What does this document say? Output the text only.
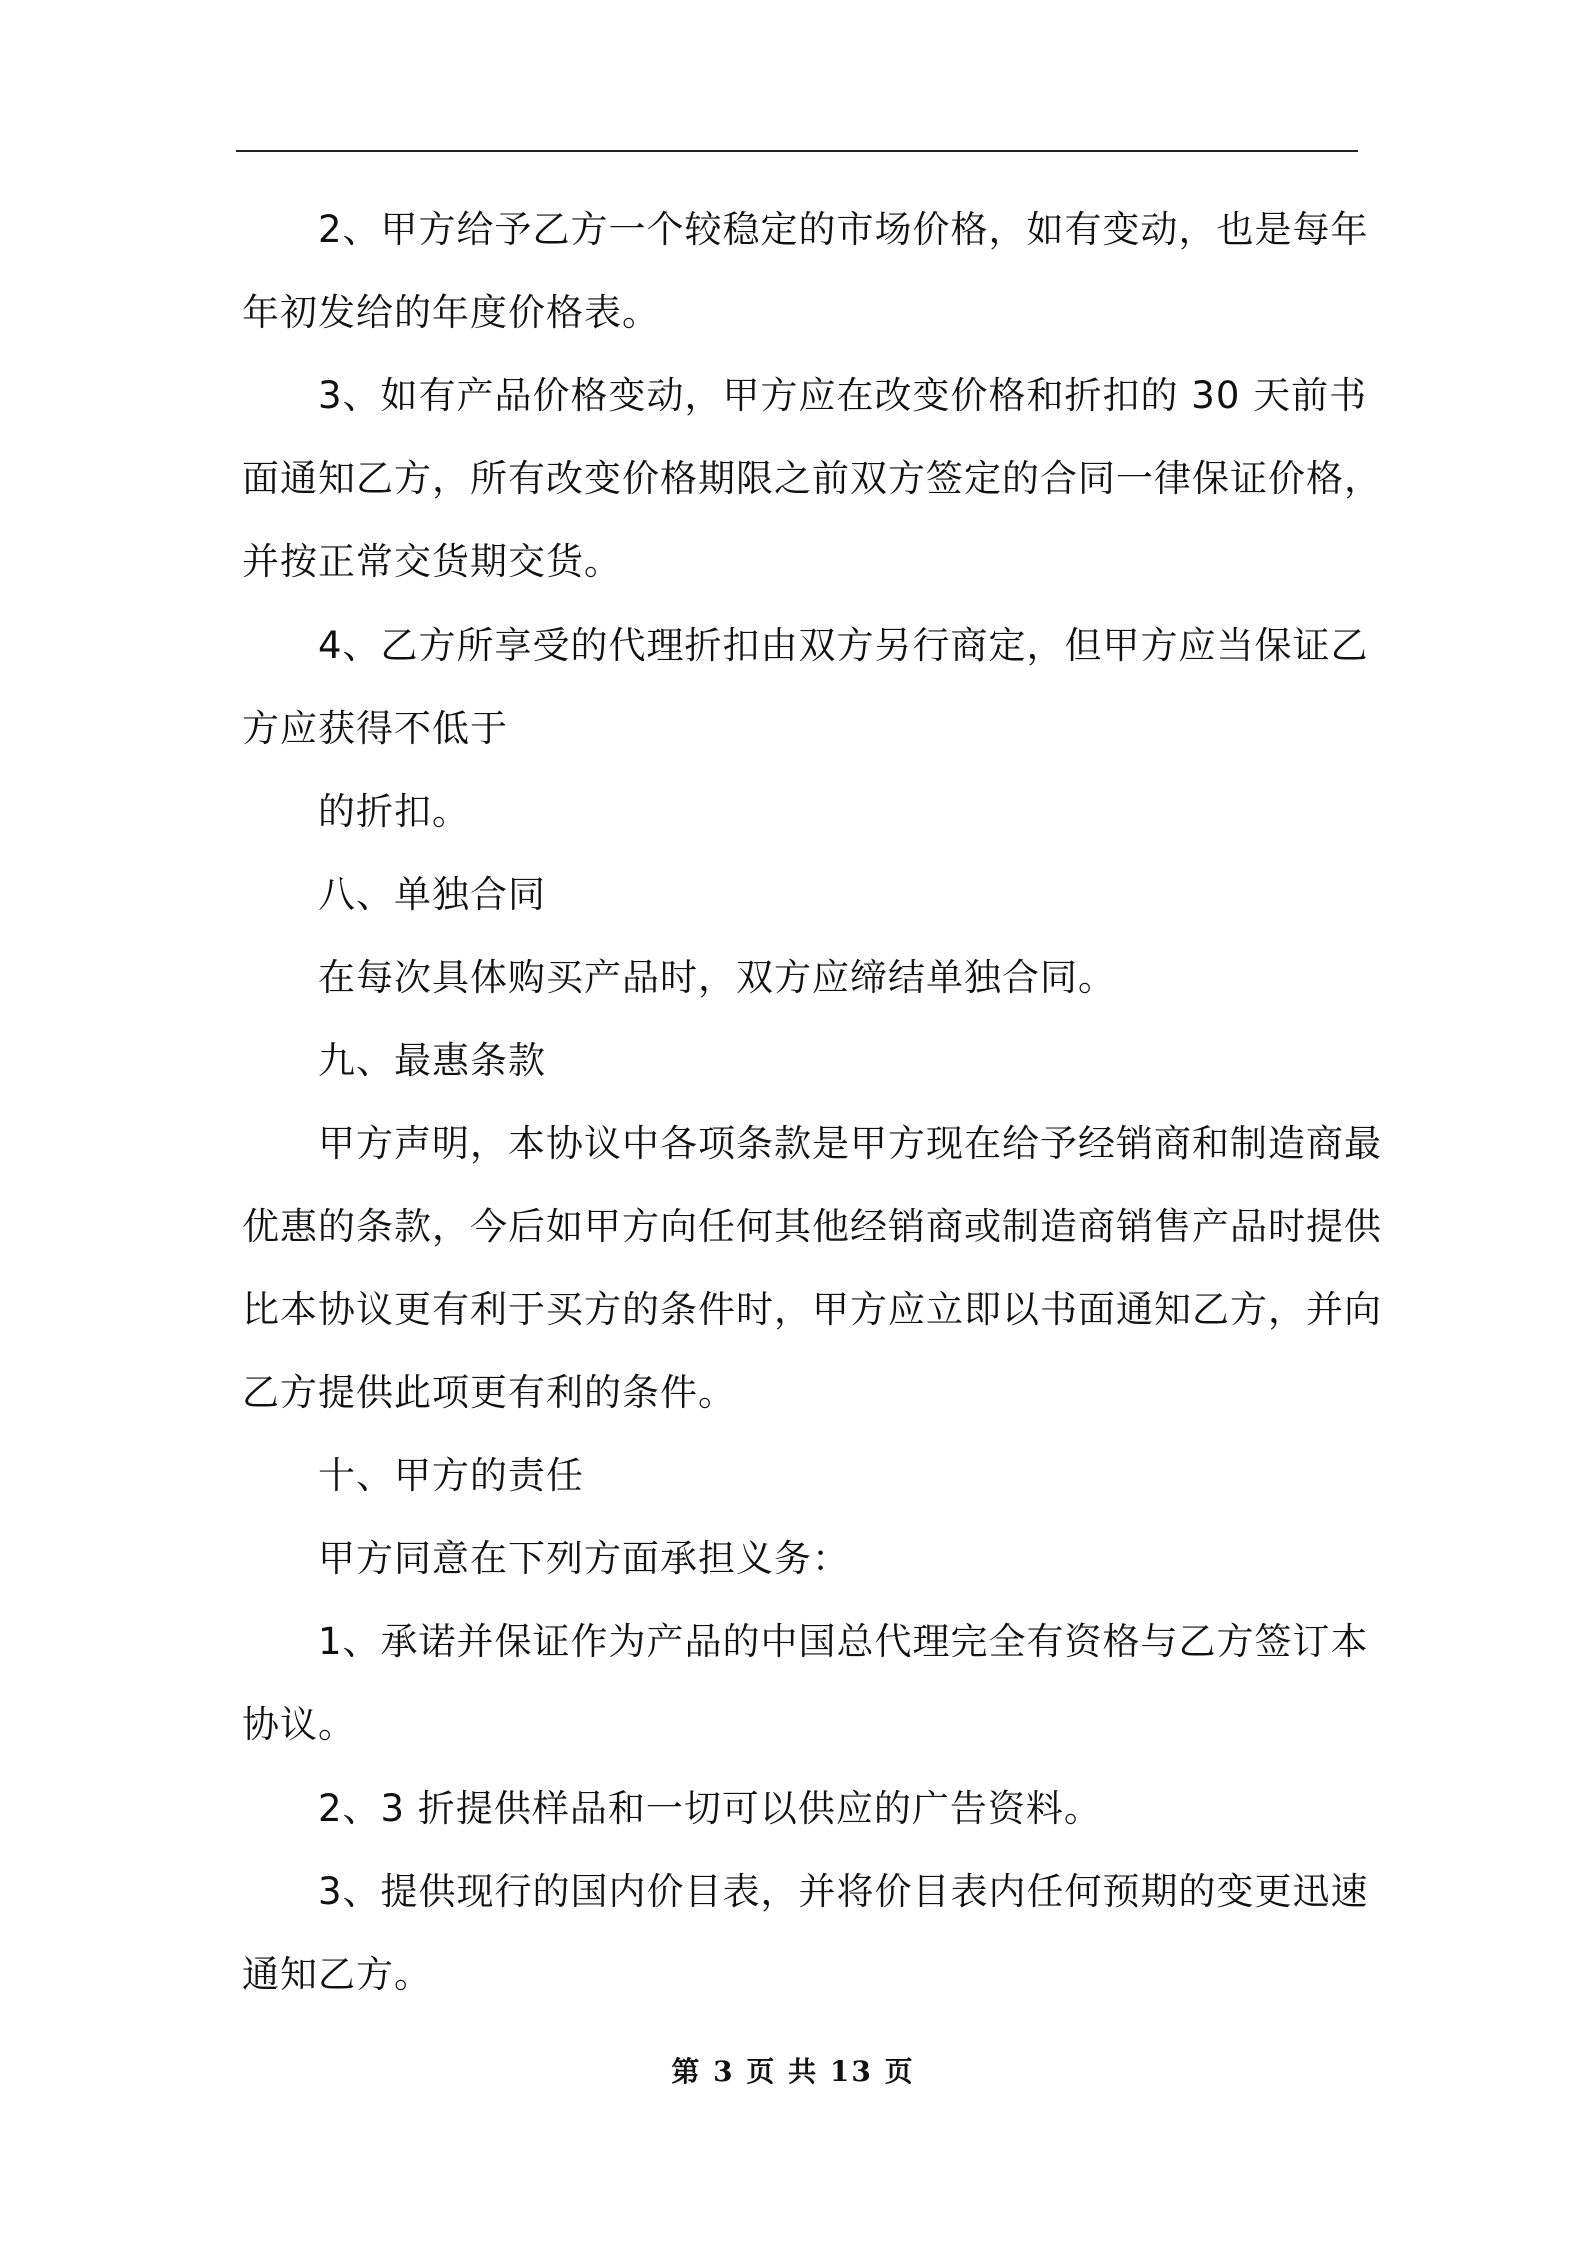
2、甲方给予乙方一个较稳定的市场价格，如有变动，也是每年
年初发给的年度价格表。
3、如有产品价格变动，甲方应在改变价格和折扣的 30 天前书
面通知乙方，所有改变价格期限之前双方签定的合同一律保证价格，
并按正常交货期交货。
4、乙方所享受的代理折扣由双方另行商定，但甲方应当保证乙
方应获得不低于
的折扣。
八、单独合同
在每次具体购买产品时，双方应缔结单独合同。
九、最惠条款
甲方声明，本协议中各项条款是甲方现在给予经销商和制造商最
优惠的条款，今后如甲方向任何其他经销商或制造商销售产品时提供
比本协议更有利于买方的条件时，甲方应立即以书面通知乙方，并向
乙方提供此项更有利的条件。
十、甲方的责任
甲方同意在下列方面承担义务：
1、承诺并保证作为产品的中国总代理完全有资格与乙方签订本
协议。
2、3 折提供样品和一切可以供应的广告资料。
3、提供现行的国内价目表，并将价目表内任何预期的变更迅速
通知乙方。
第 3 页 共 13 页
